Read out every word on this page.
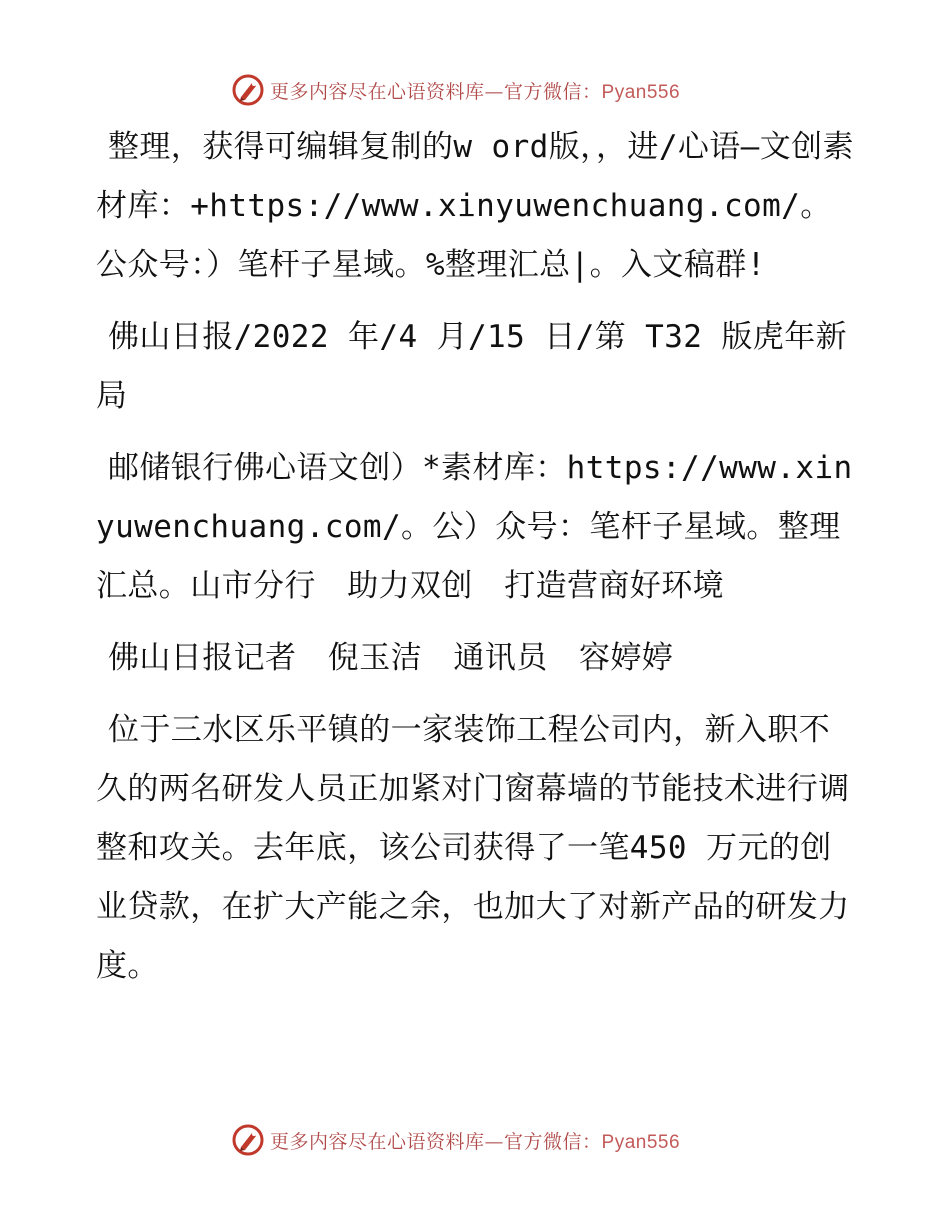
更多内容尽在心语资料库—官方微信：Pyan556

整理，获得可编辑复制的w ord版，，进/心语—文创素材库：+https://www.xinyuwenchuang.com/。公众号：）笔杆子星域。%整理汇总|。入文稿群!

佛山日报/2022 年/4 月/15 日/第 T32 版虎年新局

邮储银行佛心语文创）*素材库：https://www.xinyuwenchuang.com/。公）众号：笔杆子星域。整理汇总。山市分行　助力双创　打造营商好环境

佛山日报记者　倪玉洁　通讯员　容婷婷

位于三水区乐平镇的一家装饰工程公司内，新入职不久的两名研发人员正加紧对门窗幕墙的节能技术进行调整和攻关。去年底，该公司获得了一笔450 万元的创业贷款，在扩大产能之余，也加大了对新产品的研发力度。

更多内容尽在心语资料库—官方微信：Pyan556
